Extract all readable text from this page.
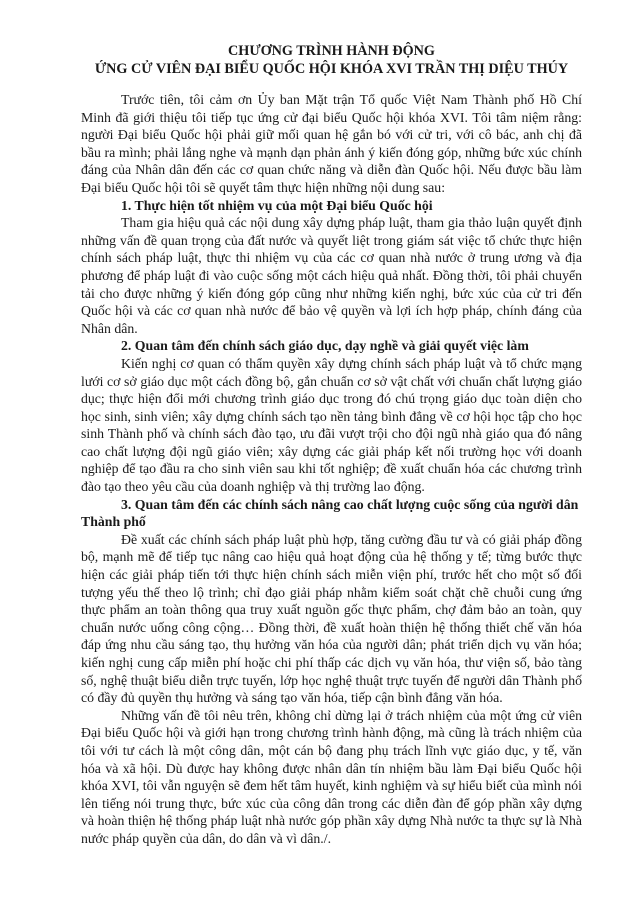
CHƯƠNG TRÌNH HÀNH ĐỘNG
ỨNG CỬ VIÊN ĐẠI BIỂU QUỐC HỘI KHÓA XVI TRẦN THỊ DIỆU THÚY

Trước tiên, tôi cảm ơn Ủy ban Mặt trận Tổ quốc Việt Nam Thành phố Hồ Chí Minh đã giới thiệu tôi tiếp tục ứng cử đại biểu Quốc hội khóa XVI. Tôi tâm niệm rằng: người Đại biểu Quốc hội phải giữ mối quan hệ gắn bó với cử tri, với cô bác, anh chị đã bầu ra mình; phải lắng nghe và mạnh dạn phản ánh ý kiến đóng góp, những bức xúc chính đáng của Nhân dân đến các cơ quan chức năng và diễn đàn Quốc hội. Nếu được bầu làm Đại biểu Quốc hội tôi sẽ quyết tâm thực hiện những nội dung sau:

1. Thực hiện tốt nhiệm vụ của một Đại biểu Quốc hội

Tham gia hiệu quả các nội dung xây dựng pháp luật, tham gia thảo luận quyết định những vấn đề quan trọng của đất nước và quyết liệt trong giám sát việc tổ chức thực hiện chính sách pháp luật, thực thi nhiệm vụ của các cơ quan nhà nước ở trung ương và địa phương để pháp luật đi vào cuộc sống một cách hiệu quả nhất. Đồng thời, tôi phải chuyển tải cho được những ý kiến đóng góp cũng như những kiến nghị, bức xúc của cử tri đến Quốc hội và các cơ quan nhà nước để bảo vệ quyền và lợi ích hợp pháp, chính đáng của Nhân dân.

2. Quan tâm đến chính sách giáo dục, dạy nghề và giải quyết việc làm

Kiến nghị cơ quan có thẩm quyền xây dựng chính sách pháp luật và tổ chức mạng lưới cơ sở giáo dục một cách đồng bộ, gắn chuẩn cơ sở vật chất với chuẩn chất lượng giáo dục; thực hiện đổi mới chương trình giáo dục trong đó chú trọng giáo dục toàn diện cho học sinh, sinh viên; xây dựng chính sách tạo nền tảng bình đẳng về cơ hội học tập cho học sinh Thành phố và chính sách đào tạo, ưu đãi vượt trội cho đội ngũ nhà giáo qua đó nâng cao chất lượng đội ngũ giáo viên; xây dựng các giải pháp kết nối trường học với doanh nghiệp để tạo đầu ra cho sinh viên sau khi tốt nghiệp; đề xuất chuẩn hóa các chương trình đào tạo theo yêu cầu của doanh nghiệp và thị trường lao động.

3. Quan tâm đến các chính sách nâng cao chất lượng cuộc sống của người dân Thành phố

Đề xuất các chính sách pháp luật phù hợp, tăng cường đầu tư và có giải pháp đồng bộ, mạnh mẽ để tiếp tục nâng cao hiệu quả hoạt động của hệ thống y tế; từng bước thực hiện các giải pháp tiến tới thực hiện chính sách miễn viện phí, trước hết cho một số đối tượng yếu thế theo lộ trình; chỉ đạo giải pháp nhằm kiểm soát chặt chẽ chuỗi cung ứng thực phẩm an toàn thông qua truy xuất nguồn gốc thực phẩm, chợ đảm bảo an toàn, quy chuẩn nước uống công cộng… Đồng thời, đề xuất hoàn thiện hệ thống thiết chế văn hóa đáp ứng nhu cầu sáng tạo, thụ hưởng văn hóa của người dân; phát triển dịch vụ văn hóa; kiến nghị cung cấp miễn phí hoặc chi phí thấp các dịch vụ văn hóa, thư viện số, bảo tàng số, nghệ thuật biểu diễn trực tuyến, lớp học nghệ thuật trực tuyến để người dân Thành phố có đầy đủ quyền thụ hưởng và sáng tạo văn hóa, tiếp cận bình đẳng văn hóa.

Những vấn đề tôi nêu trên, không chỉ dừng lại ở trách nhiệm của một ứng cử viên Đại biểu Quốc hội và giới hạn trong chương trình hành động, mà cũng là trách nhiệm của tôi với tư cách là một công dân, một cán bộ đang phụ trách lĩnh vực giáo dục, y tế, văn hóa và xã hội. Dù được hay không được nhân dân tín nhiệm bầu làm Đại biểu Quốc hội khóa XVI, tôi vẫn nguyện sẽ đem hết tâm huyết, kinh nghiệm và sự hiểu biết của mình nói lên tiếng nói trung thực, bức xúc của công dân trong các diễn đàn để góp phần xây dựng và hoàn thiện hệ thống pháp luật nhà nước góp phần xây dựng Nhà nước ta thực sự là Nhà nước pháp quyền của dân, do dân và vì dân./.
